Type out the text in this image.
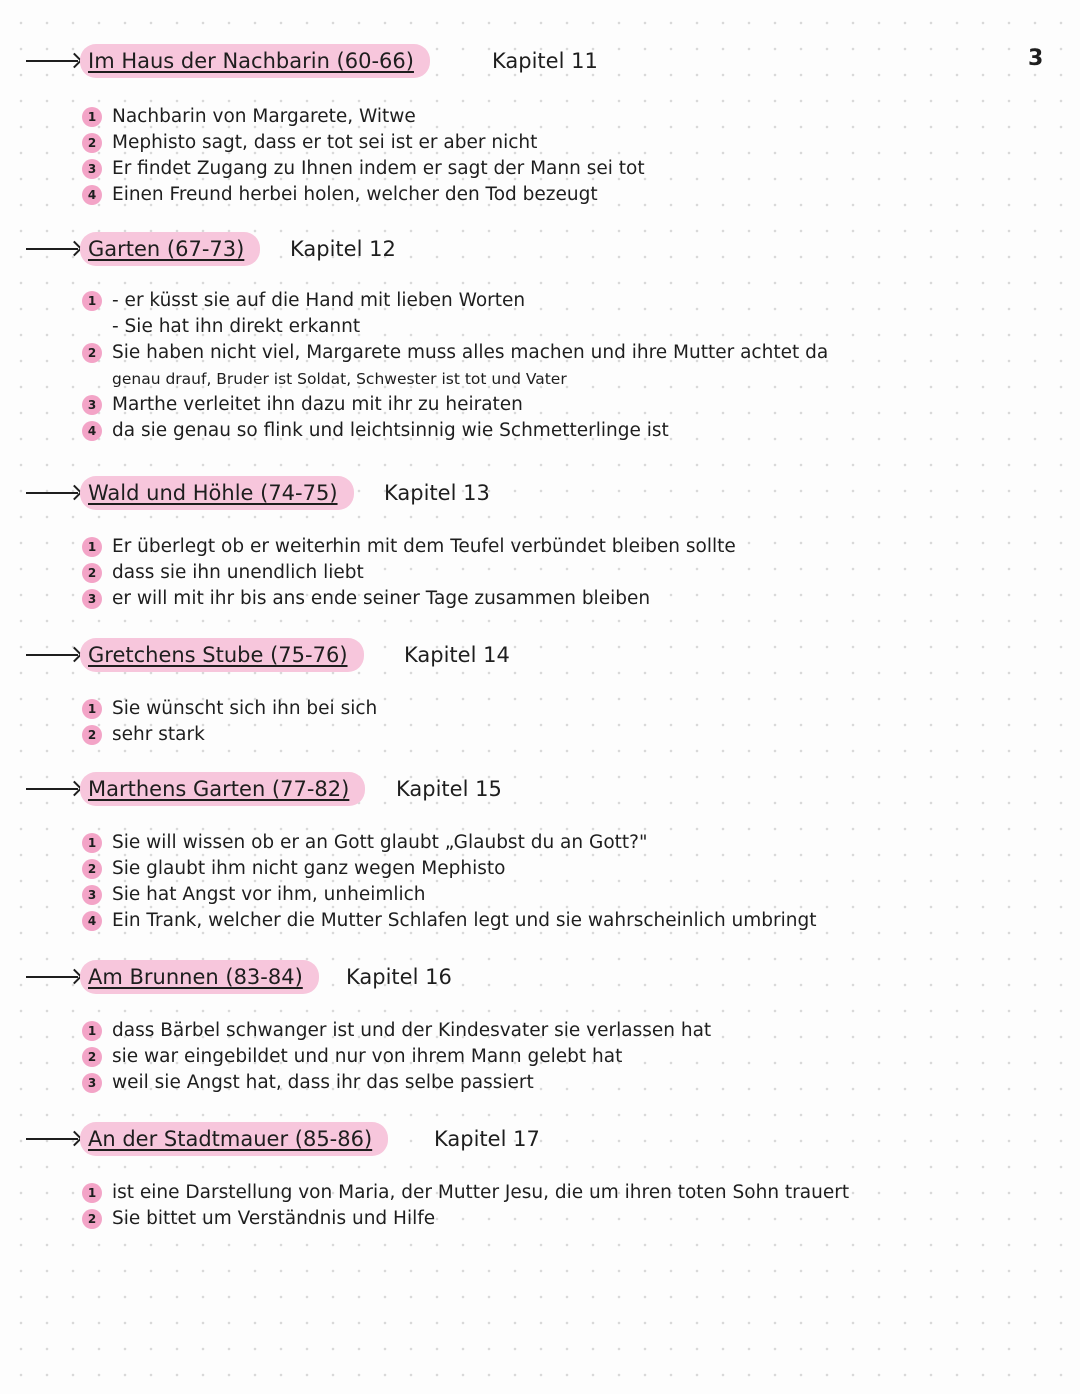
3
Im Haus der Nachbarin (60-66)	Kapitel 11
1 Nachbarin von Margarete, Witwe
2 Mephisto sagt, dass er tot sei ist er aber nicht
3 Er findet Zugang zu Ihnen indem er sagt der Mann sei tot
4 Einen Freund herbei holen, welcher den Tod bezeugt
Garten (67-73)	Kapitel 12
1 - er küsst sie auf die Hand mit lieben Worten
- Sie hat ihn direkt erkannt
2 Sie haben nicht viel, Margarete muss alles machen und ihre Mutter achtet da
genau drauf, Bruder ist Soldat, Schwester ist tot und Vater
3 Marthe verleitet ihn dazu mit ihr zu heiraten
4 da sie genau so flink und leichtsinnig wie Schmetterlinge ist
Wald und Höhle (74-75)	Kapitel 13
1 Er überlegt ob er weiterhin mit dem Teufel verbündet bleiben sollte
2 dass sie ihn unendlich liebt
3 er will mit ihr bis ans ende seiner Tage zusammen bleiben
Gretchens Stube (75-76)	Kapitel 14
1 Sie wünscht sich ihn bei sich
2 sehr stark
Marthens Garten (77-82)	Kapitel 15
1 Sie will wissen ob er an Gott glaubt „Glaubst du an Gott?"
2 Sie glaubt ihm nicht ganz wegen Mephisto
3 Sie hat Angst vor ihm, unheimlich
4 Ein Trank, welcher die Mutter Schlafen legt und sie wahrscheinlich umbringt
Am Brunnen (83-84)	Kapitel 16
1 dass Bärbel schwanger ist und der Kindesvater sie verlassen hat
2 sie war eingebildet und nur von ihrem Mann gelebt hat
3 weil sie Angst hat, dass ihr das selbe passiert
An der Stadtmauer (85-86)	Kapitel 17
1 ist eine Darstellung von Maria, der Mutter Jesu, die um ihren toten Sohn trauert
2 Sie bittet um Verständnis und Hilfe
